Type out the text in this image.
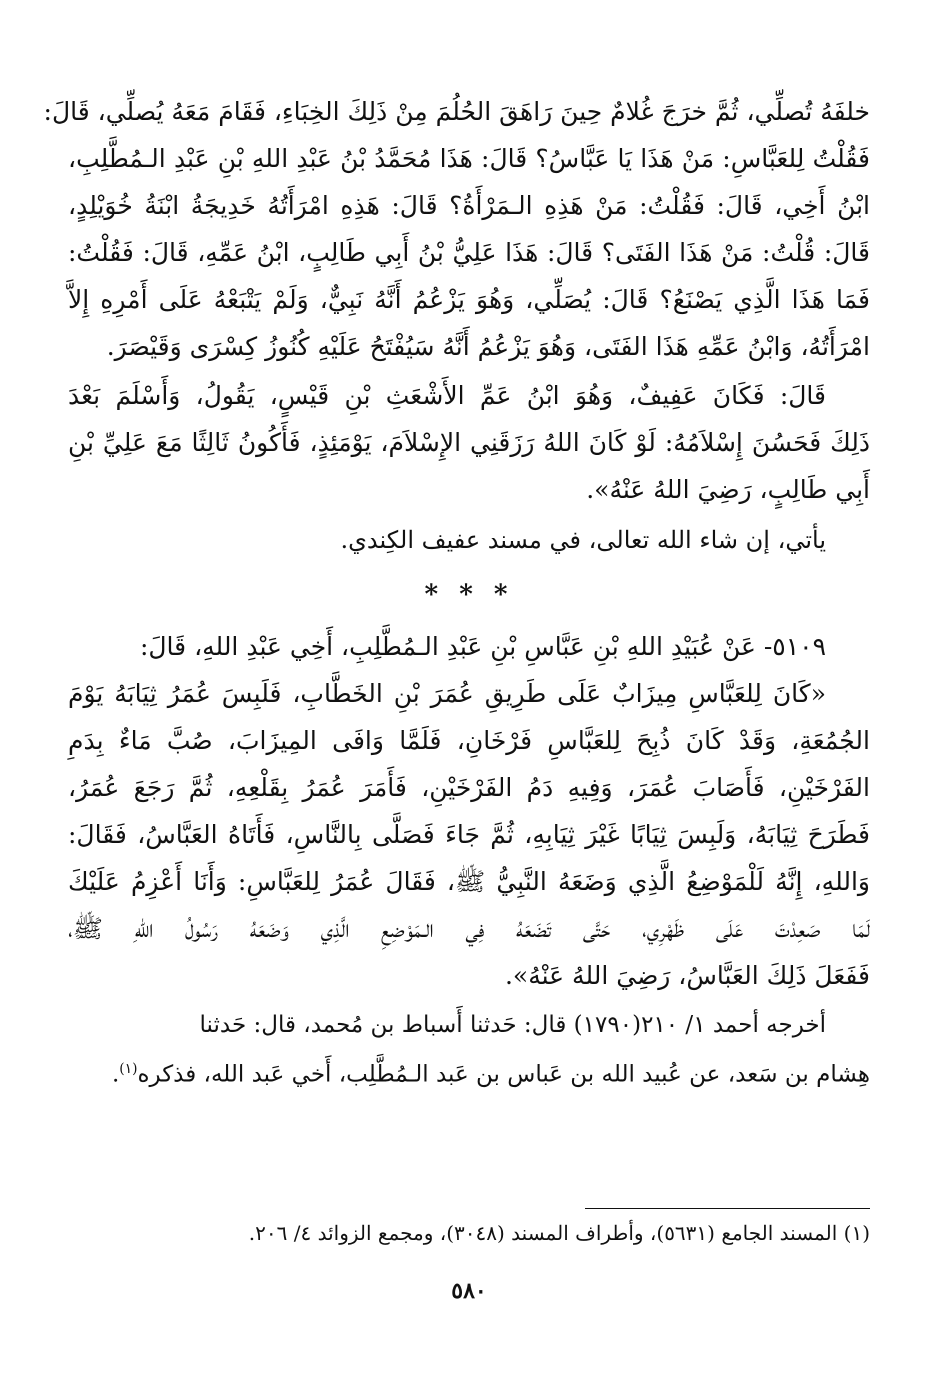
خلفَهُ تُصلِّي، ثُمَّ خرَجَ غُلامٌ حِينَ رَاهَقَ الحُلُمَ مِنْ ذَلِكَ الخِبَاءِ، فَقَامَ مَعَهُ يُصلِّي، قَالَ:
فَقُلْتُ لِلعَبَّاسِ: مَنْ هَذَا يَا عَبَّاسُ؟ قَالَ: هَذَا مُحَمَّدُ بْنُ عَبْدِ اللهِ بْنِ عَبْدِ الـمُطَّلِبِ،
ابْنُ أَخِي، قَالَ: فَقُلْتُ: مَنْ هَذِهِ الـمَرْأَةُ؟ قَالَ: هَذِهِ امْرَأَتُهُ خَدِيجَةُ ابْنَةُ خُوَيْلِدٍ،
قَالَ: قُلْتُ: مَنْ هَذَا الفَتَى؟ قَالَ: هَذَا عَلِيُّ بْنُ أَبِي طَالِبٍ، ابْنُ عَمِّهِ، قَالَ: فَقُلْتُ:
فَمَا هَذَا الَّذِي يَصْنَعُ؟ قَالَ: يُصَلِّي، وَهُوَ يَزْعُمُ أَنَّهُ نَبِيٌّ، وَلَمْ يَتْبَعْهُ عَلَى أَمْرِهِ إِلاَّ
امْرَأَتُهُ، وَابْنُ عَمِّهِ هَذَا الفَتَى، وَهُوَ يَزْعُمُ أَنَّهُ سَيُفْتَحُ عَلَيْهِ كُنُوزُ كِسْرَى وَقَيْصَرَ.

قَالَ: فَكَانَ عَفِيفٌ، وَهُوَ ابْنُ عَمِّ الأَشْعَثِ بْنِ قَيْسٍ، يَقُولُ، وَأَسْلَمَ بَعْدَ
ذَلِكَ فَحَسُنَ إِسْلاَمُهُ: لَوْ كَانَ اللهُ رَزَقَنِي الإِسْلاَمَ، يَوْمَئِذٍ، فَأَكُونُ ثَالِثًا مَعَ عَلِيِّ بْنِ
أَبِي طَالِبٍ، رَضِيَ اللهُ عَنْهُ».

يأتي، إن شاء الله تعالى، في مسند عفيف الكِندي.

* * *

٥١٠٩- عَنْ عُبَيْدِ اللهِ بْنِ عَبَّاسِ بْنِ عَبْدِ الـمُطَّلِبِ، أَخِي عَبْدِ اللهِ، قَالَ:
«كَانَ لِلعَبَّاسِ مِيزَابٌ عَلَى طَرِيقِ عُمَرَ بْنِ الخَطَّابِ، فَلَبِسَ عُمَرُ ثِيَابَهُ يَوْمَ
الجُمُعَةِ، وَقَدْ كَانَ ذُبِحَ لِلعَبَّاسِ فَرْخَانِ، فَلَمَّا وَافَى المِيزَابَ، صُبَّ مَاءٌ بِدَمِ
الفَرْخَيْنِ، فَأَصَابَ عُمَرَ، وَفِيهِ دَمُ الفَرْخَيْنِ، فَأَمَرَ عُمَرُ بِقَلْعِهِ، ثُمَّ رَجَعَ عُمَرُ،
فَطَرَحَ ثِيَابَهُ، وَلَبِسَ ثِيَابًا غَيْرَ ثِيَابِهِ، ثُمَّ جَاءَ فَصَلَّى بِالنَّاسِ، فَأَتَاهُ العَبَّاسُ، فَقَالَ:
وَاللهِ، إِنَّهُ لَلْمَوْضِعُ الَّذِي وَضَعَهُ النَّبِيُّ ﷺ، فَقَالَ عُمَرُ لِلعَبَّاسِ: وَأَنَا أَعْزِمُ عَلَيْكَ
لَمَا صَعِدْتَ عَلَى ظَهْرِي، حَتَّى تَضَعَهُ فِي الـمَوْضِعِ الَّذِي وَضَعَهُ رَسُولُ اللهِ ﷺ،
فَفَعَلَ ذَلِكَ العَبَّاسُ، رَضِيَ اللهُ عَنْهُ».

أخرجه أحمد ١/ ٢١٠(١٧٩٠) قال: حَدثنا أَسباط بن مُحمد، قال: حَدثنا
هِشام بن سَعد، عن عُبيد الله بن عَباس بن عَبد الـمُطَّلِب، أَخي عَبد الله، فذكره$^{(١)}$.
(١) المسند الجامع (٥٦٣١)، وأطراف المسند (٣٠٤٨)، ومجمع الزوائد ٤/ ٢٠٦.
٥٨٠
